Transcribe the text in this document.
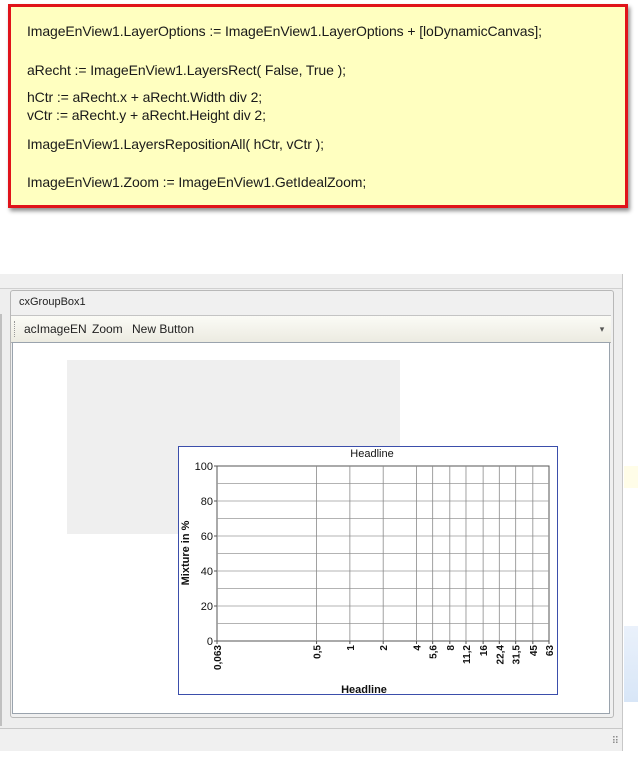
ImageEnView1.LayerOptions := ImageEnView1.LayerOptions + [loDynamicCanvas];
aRecht := ImageEnView1.LayersRect( False, True );
hCtr := aRecht.x + aRecht.Width div 2;
vCtr := aRecht.y + aRecht.Height div 2;
ImageEnView1.LayersRepositionAll( hCtr, vCtr );
ImageEnView1.Zoom := ImageEnView1.GetIdealZoom;
cxGroupBox1
acImageEN Zoom New Button	▾
Headline
Headline
Mixture in %
0
20
40
60
80
100
0,063	0,5 1 2 4 5,6 8 11,2 16 22,4 31,5 45 63
⠿
